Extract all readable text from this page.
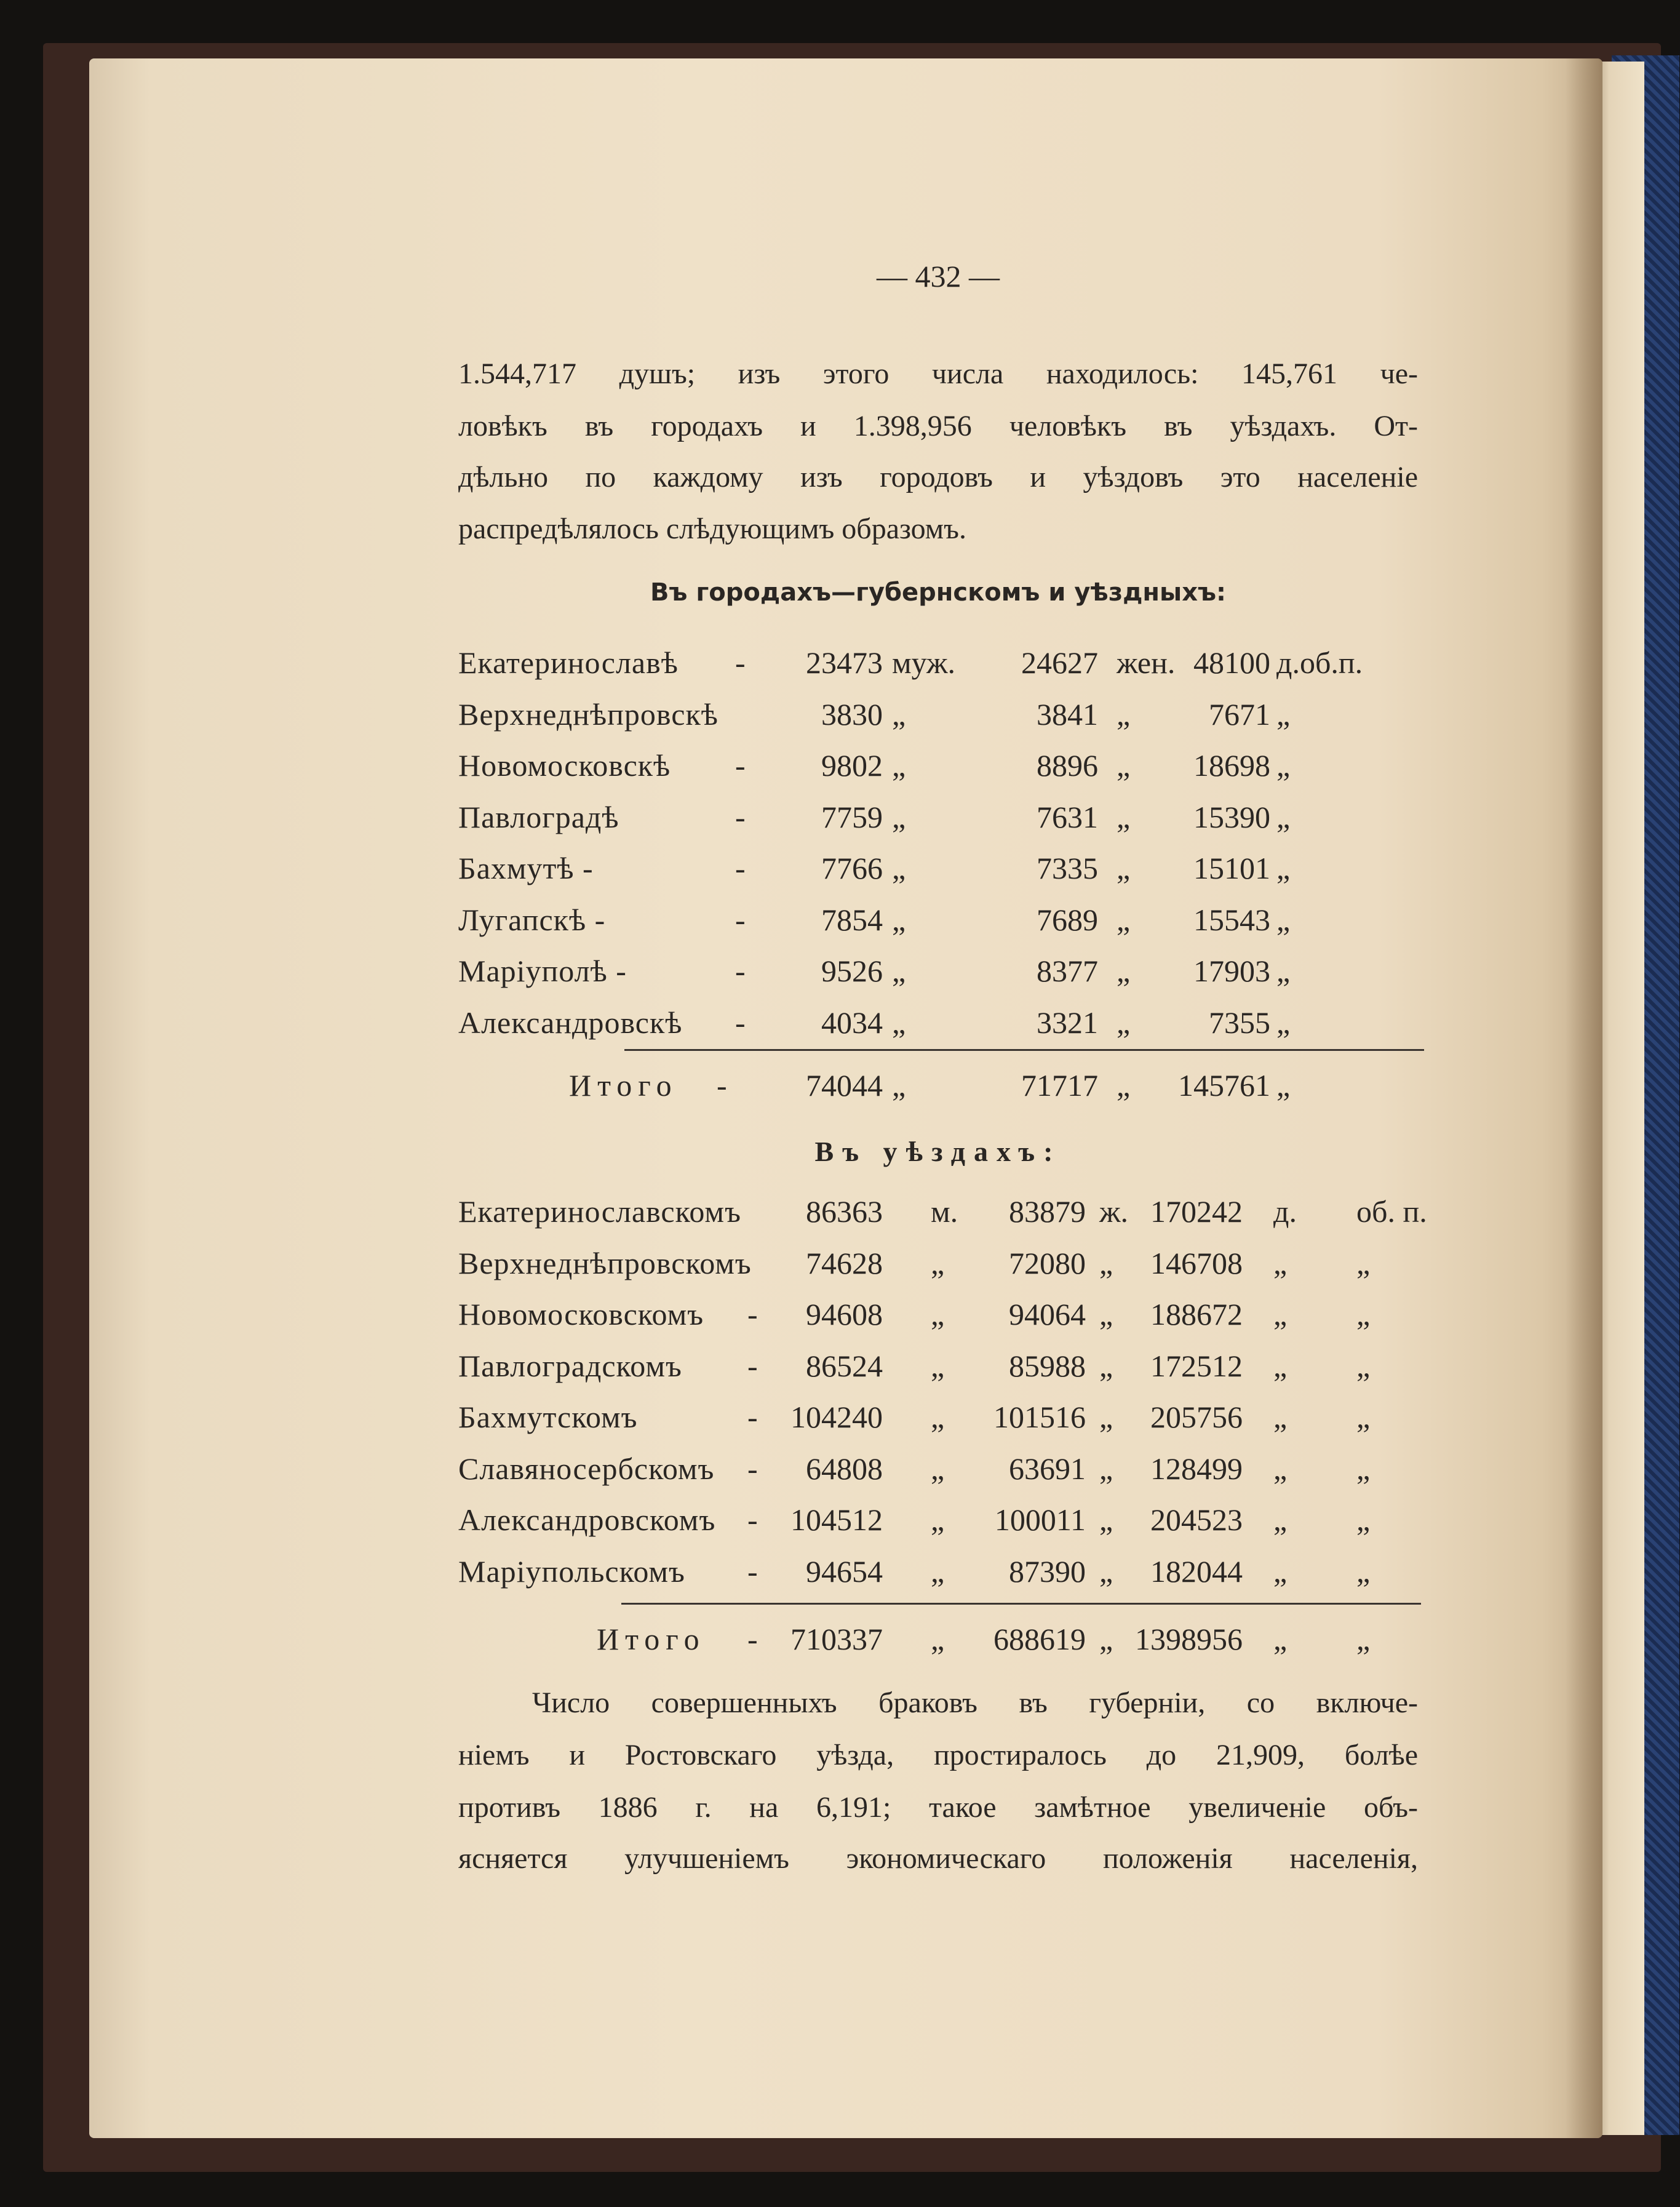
— 432 —
1.544,717 душъ; изъ этого числа находилось: 145,761 че-
ловѣкъ въ городахъ и 1.398,956 человѣкъ въ уѣздахъ. От-
дѣльно по каждому изъ городовъ и уѣздовъ это населеніе
распредѣлялось слѣдующимъ образомъ.
Въ городахъ—губернскомъ и уѣздныхъ:
Екатеринославѣ -	23473 муж.	24627 жен. 48100 д.об.п.
Верхнеднѣпровскѣ	3830 „	3841 „	7671 „
Новомосковскѣ -	9802 „	8896 „	18698 „
Павлоградѣ	-	7759 „	7631 „	15390 „
Бахмутѣ -	-	7766 „	7335 „	15101 „
Лугапскѣ -	-	7854 „	7689 „	15543 „
Маріуполѣ -	-	9526 „	8377 „	17903 „
Александровскѣ -	4034 „	3321 „	7355 „
Итого -	74044 „	71717 „	145761 „
Въ уѣздахъ:
Екатеринославскомъ	86363 м.	83879 ж. 170242 д. об. п.
Верхнеднѣпровскомъ	74628 „	72080 „	146708 „ „
Новомосковскомъ -	94608 „	94064 „	188672 „ „
Павлоградскомъ -	86524 „	85988 „	172512 „ „
Бахмутскомъ	-	104240 „	101516 „	205756 „ „
Славяносербскомъ -	64808 „	63691 „	128499 „ „
Александровскомъ -	104512 „	100011 „	204523 „ „
Маріупольскомъ -	94654 „	87390 „	182044 „ „
Итого -	710337 „	688619 „ 1398956 „ „
Число совершенныхъ браковъ въ губерніи, со включе-
ніемъ и Ростовскаго уѣзда, простиралось до 21,909, болѣе
противъ 1886 г. на 6,191; такое замѣтное увеличеніе объ-
ясняется улучшеніемъ экономическаго положенія населенія,
